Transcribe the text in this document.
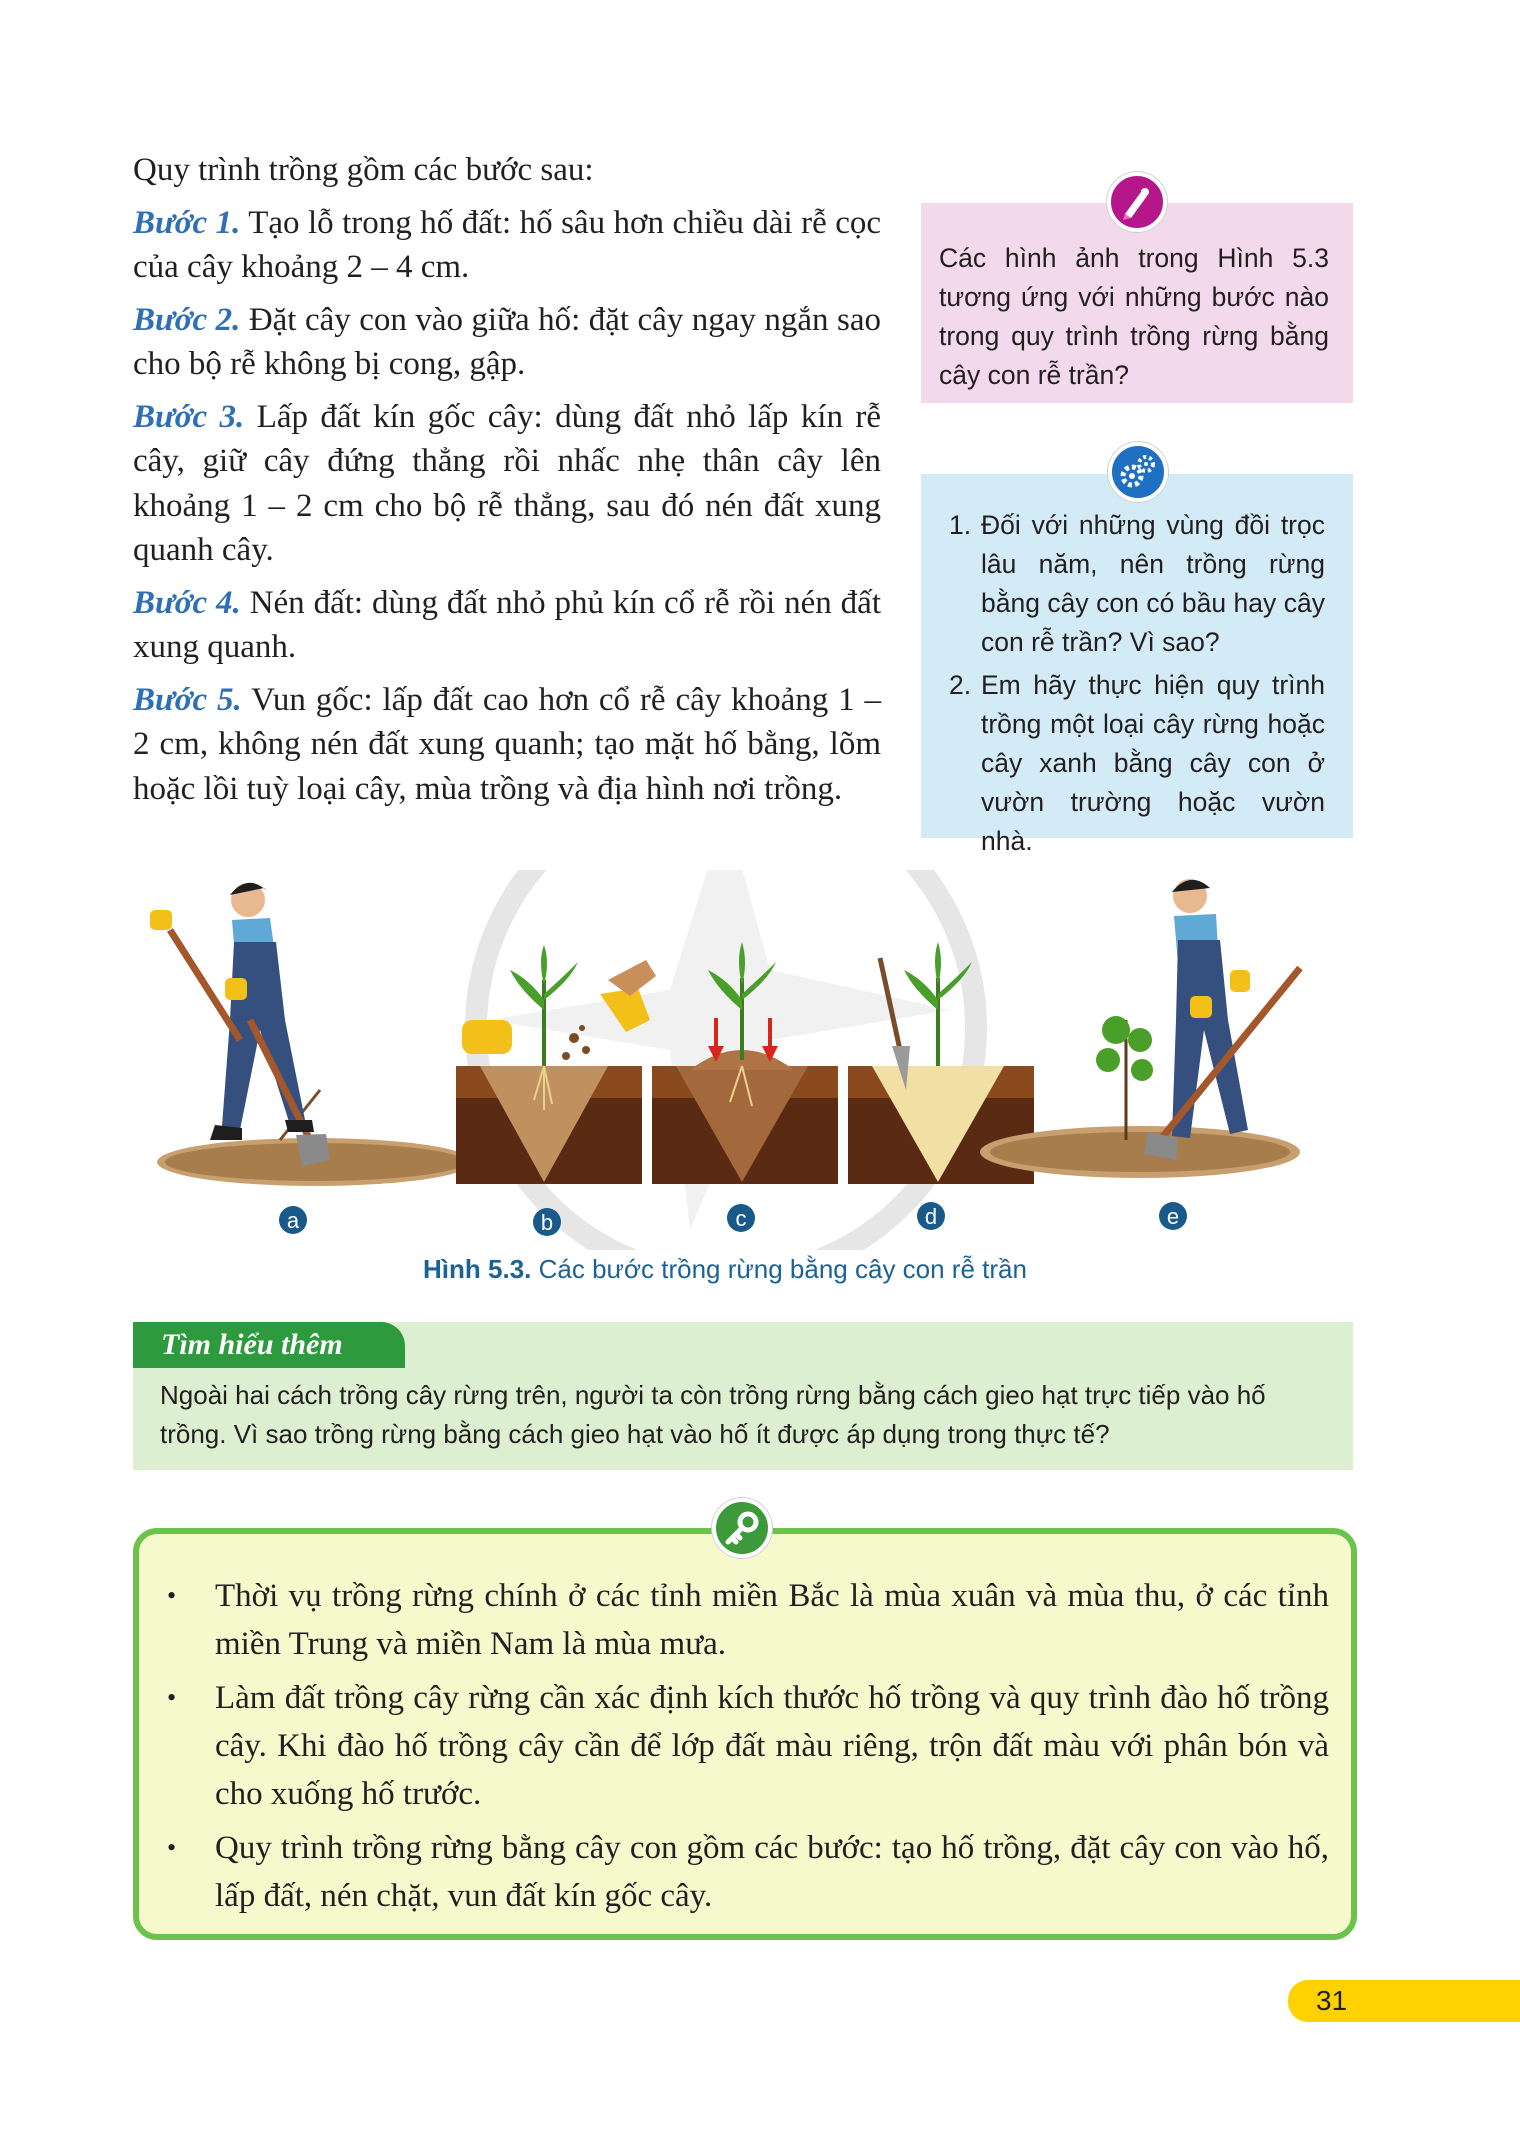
Quy trình trồng gồm các bước sau:

Bước 1. Tạo lỗ trong hố đất: hố sâu hơn chiều dài rễ cọc của cây khoảng 2 – 4 cm.

Bước 2. Đặt cây con vào giữa hố: đặt cây ngay ngắn sao cho bộ rễ không bị cong, gập.

Bước 3. Lấp đất kín gốc cây: dùng đất nhỏ lấp kín rễ cây, giữ cây đứng thẳng rồi nhấc nhẹ thân cây lên khoảng 1 – 2 cm cho bộ rễ thẳng, sau đó nén đất xung quanh cây.

Bước 4. Nén đất: dùng đất nhỏ phủ kín cổ rễ rồi nén đất xung quanh.

Bước 5. Vun gốc: lấp đất cao hơn cổ rễ cây khoảng 1 – 2 cm, không nén đất xung quanh; tạo mặt hố bằng, lõm hoặc lồi tuỳ loại cây, mùa trồng và địa hình nơi trồng.

Các hình ảnh trong Hình 5.3 tương ứng với những bước nào trong quy trình trồng rừng bằng cây con rễ trần?
1. Đối với những vùng đồi trọc lâu năm, nên trồng rừng bằng cây con có bầu hay cây con rễ trần? Vì sao?
2. Em hãy thực hiện quy trình trồng một loại cây rừng hoặc cây xanh bằng cây con ở vườn trường hoặc vườn nhà.
a	b	c	d	e
Hình 5.3. Các bước trồng rừng bằng cây con rễ trần
Tìm hiểu thêm
Ngoài hai cách trồng cây rừng trên, người ta còn trồng rừng bằng cách gieo hạt trực tiếp vào hố trồng. Vì sao trồng rừng bằng cách gieo hạt vào hố ít được áp dụng trong thực tế?
• Thời vụ trồng rừng chính ở các tỉnh miền Bắc là mùa xuân và mùa thu, ở các tỉnh miền Trung và miền Nam là mùa mưa.
• Làm đất trồng cây rừng cần xác định kích thước hố trồng và quy trình đào hố trồng cây. Khi đào hố trồng cây cần để lớp đất màu riêng, trộn đất màu với phân bón và cho xuống hố trước.
• Quy trình trồng rừng bằng cây con gồm các bước: tạo hố trồng, đặt cây con vào hố, lấp đất, nén chặt, vun đất kín gốc cây.
31
